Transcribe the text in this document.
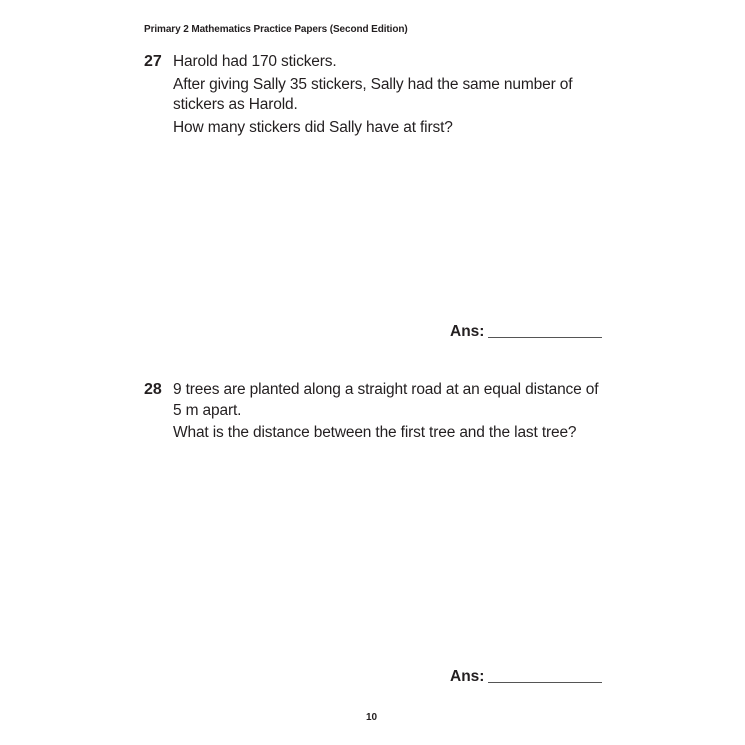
Primary 2 Mathematics Practice Papers (Second Edition)
27 Harold had 170 stickers.

After giving Sally 35 stickers, Sally had the same number of

stickers as Harold.

How many stickers did Sally have at first?

Ans:
28 9 trees are planted along a straight road at an equal distance of

5 m apart.

What is the distance between the first tree and the last tree?

Ans:
10
